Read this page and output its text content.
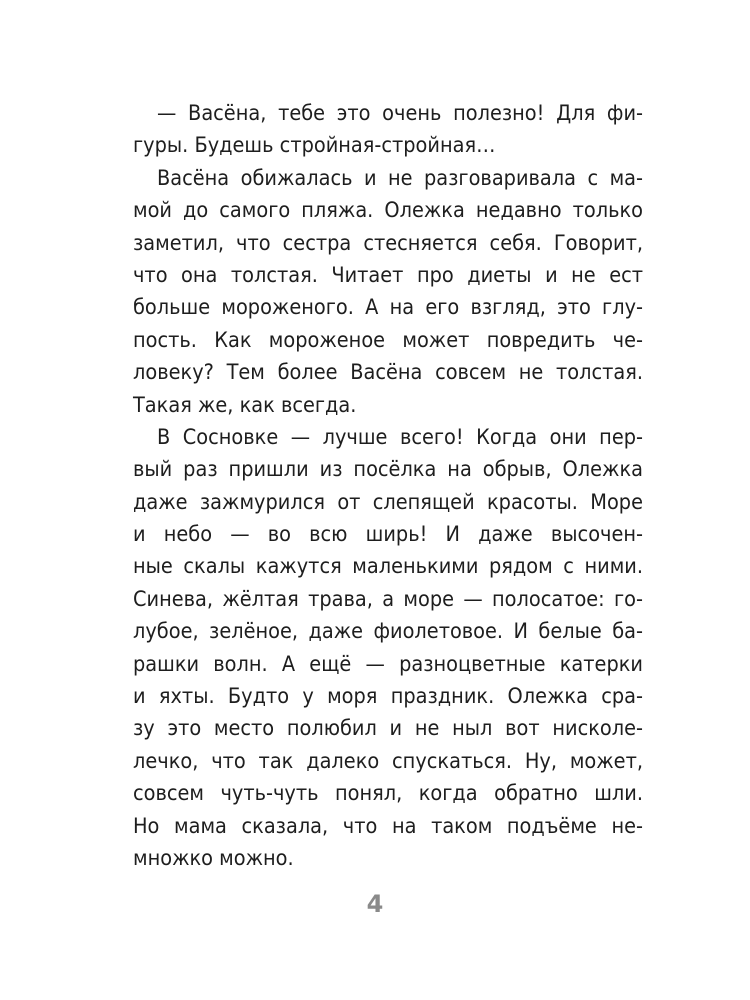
— Васёна, тебе это очень полезно! Для фи-
гуры. Будешь стройная-стройная…
Васёна обижалась и не разговаривала с ма-
мой до самого пляжа. Олежка недавно только
заметил, что сестра стесняется себя. Говорит,
что она толстая. Читает про диеты и не ест
больше мороженого. А на его взгляд, это глу-
пость. Как мороженое может повредить че-
ловеку? Тем более Васёна совсем не толстая.
Такая же, как всегда.
В Сосновке — лучше всего! Когда они пер-
вый раз пришли из посёлка на обрыв, Олежка
даже зажмурился от слепящей красоты. Море
и небо — во всю ширь! И даже высочен-
ные скалы кажутся маленькими рядом с ними.
Синева, жёлтая трава, а море — полосатое: го-
лубое, зелёное, даже фиолетовое. И белые ба-
рашки волн. А ещё — разноцветные катерки
и яхты. Будто у моря праздник. Олежка сра-
зу это место полюбил и не ныл вот нисколе-
лечко, что так далеко спускаться. Ну, может,
совсем чуть-чуть понял, когда обратно шли.
Но мама сказала, что на таком подъёме не-
множко можно.
4
